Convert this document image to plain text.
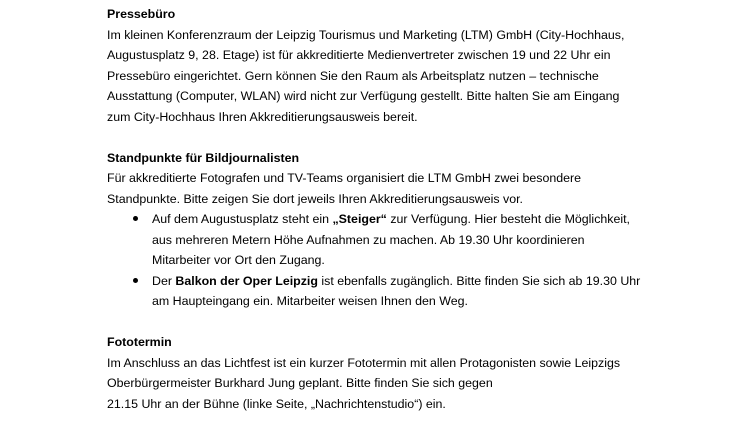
Pressebüro

Im kleinen Konferenzraum der Leipzig Tourismus und Marketing (LTM) GmbH (City-Hochhaus,
Augustusplatz 9, 28. Etage) ist für akkreditierte Medienvertreter zwischen 19 und 22 Uhr ein
Pressebüro eingerichtet. Gern können Sie den Raum als Arbeitsplatz nutzen – technische
Ausstattung (Computer, WLAN) wird nicht zur Verfügung gestellt. Bitte halten Sie am Eingang
zum City-Hochhaus Ihren Akkreditierungsausweis bereit.

Standpunkte für Bildjournalisten

Für akkreditierte Fotografen und TV-Teams organisiert die LTM GmbH zwei besondere
Standpunkte. Bitte zeigen Sie dort jeweils Ihren Akkreditierungsausweis vor.

Auf dem Augustusplatz steht ein „Steiger“ zur Verfügung. Hier besteht die Möglichkeit,
aus mehreren Metern Höhe Aufnahmen zu machen. Ab 19.30 Uhr koordinieren
Mitarbeiter vor Ort den Zugang.
Der Balkon der Oper Leipzig ist ebenfalls zugänglich. Bitte finden Sie sich ab 19.30 Uhr
am Haupteingang ein. Mitarbeiter weisen Ihnen den Weg.
Fototermin

Im Anschluss an das Lichtfest ist ein kurzer Fototermin mit allen Protagonisten sowie Leipzigs
Oberbürgermeister Burkhard Jung geplant. Bitte finden Sie sich gegen
21.15 Uhr an der Bühne (linke Seite, „Nachrichtenstudio“) ein.
